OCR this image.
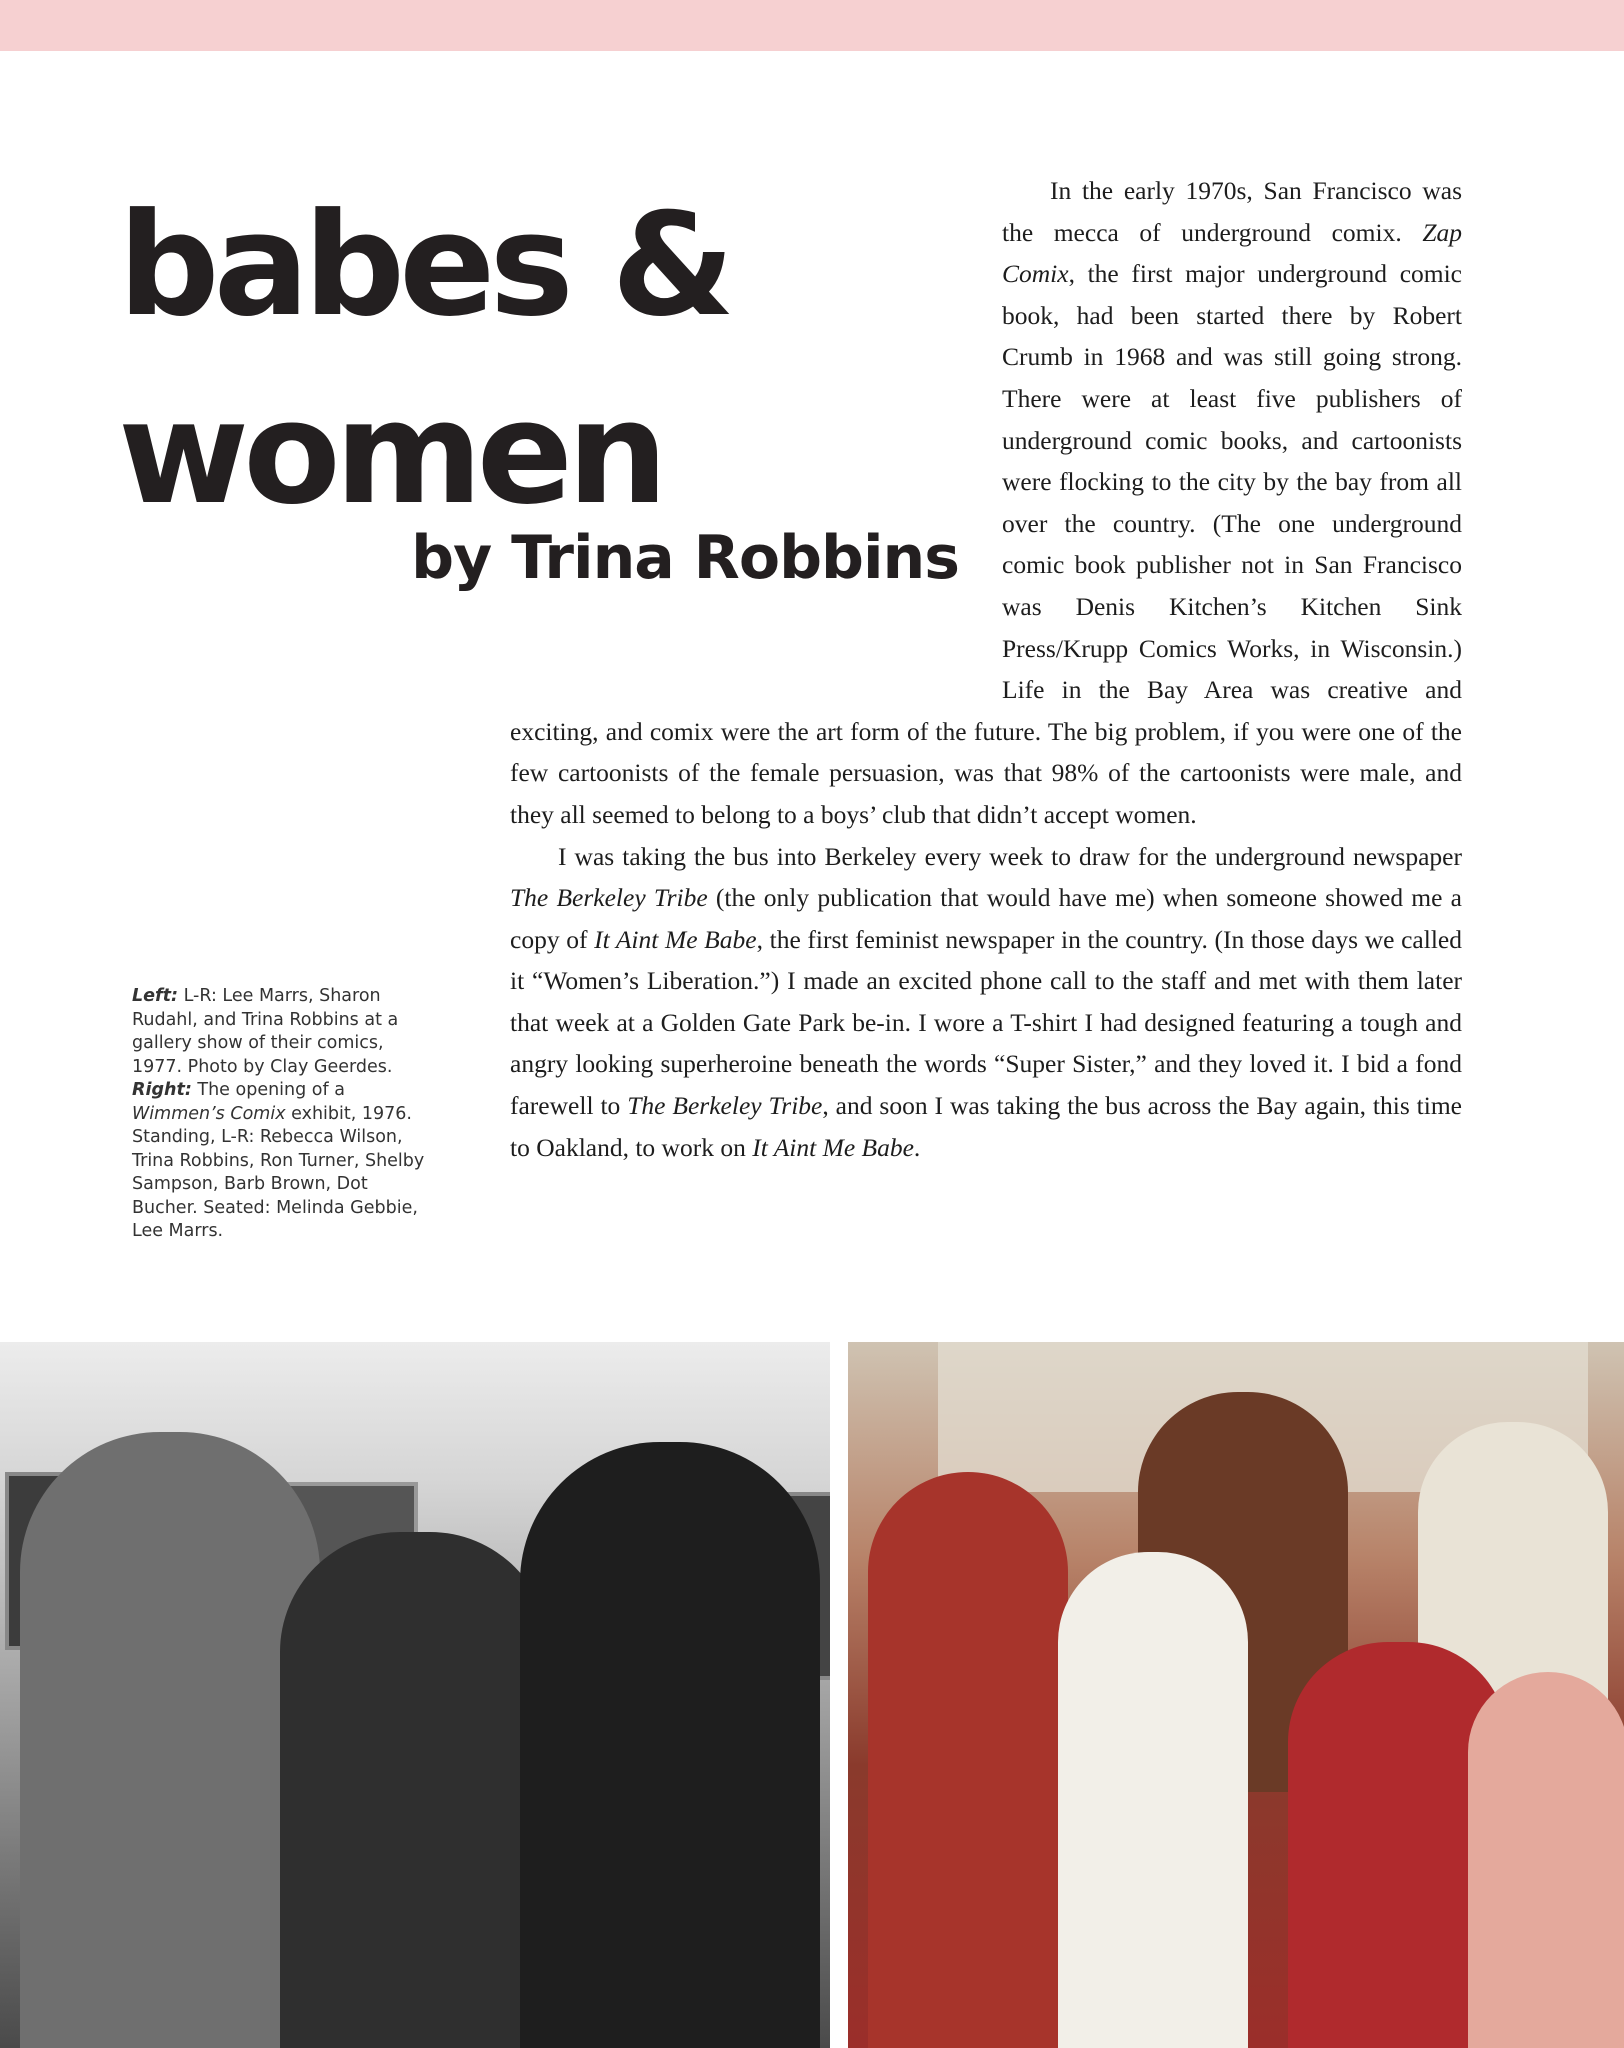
babes &
women
by Trina Robbins

In the early 1970s, San Francisco was the mecca of underground comix. Zap Comix, the first major underground comic book, had been started there by Robert Crumb in 1968 and was still going strong. There were at least five publishers of underground comic books, and cartoonists were flocking to the city by the bay from all over the country. (The one underground comic book publisher not in San Francisco was Denis Kitchen’s Kitchen Sink Press/Krupp Comics Works, in Wisconsin.) Life in the Bay Area was creative and exciting, and comix were the art form of the future. The big problem, if you were one of the few cartoonists of the female persuasion, was that 98% of the cartoonists were male, and they all seemed to belong to a boys’ club that didn’t accept women.

I was taking the bus into Berkeley every week to draw for the underground newspaper The Berkeley Tribe (the only publication that would have me) when someone showed me a copy of It Aint Me Babe, the first feminist newspaper in the country. (In those days we called it “Women’s Liberation.”) I made an excited phone call to the staff and met with them later that week at a Golden Gate Park be-in. I wore a T-shirt I had designed featuring a tough and angry looking superheroine beneath the words “Super Sister,” and they loved it. I bid a fond farewell to The Berkeley Tribe, and soon I was taking the bus across the Bay again, this time to Oakland, to work on It Aint Me Babe.

Left: L-R: Lee Marrs, Sharon Rudahl, and Trina Robbins at a gallery show of their comics, 1977. Photo by Clay Geerdes. Right: The opening of a Wimmen’s Comix exhibit, 1976. Standing, L-R: Rebecca Wilson, Trina Robbins, Ron Turner, Shelby Sampson, Barb Brown, Dot Bucher. Seated: Melinda Gebbie, Lee Marrs.
